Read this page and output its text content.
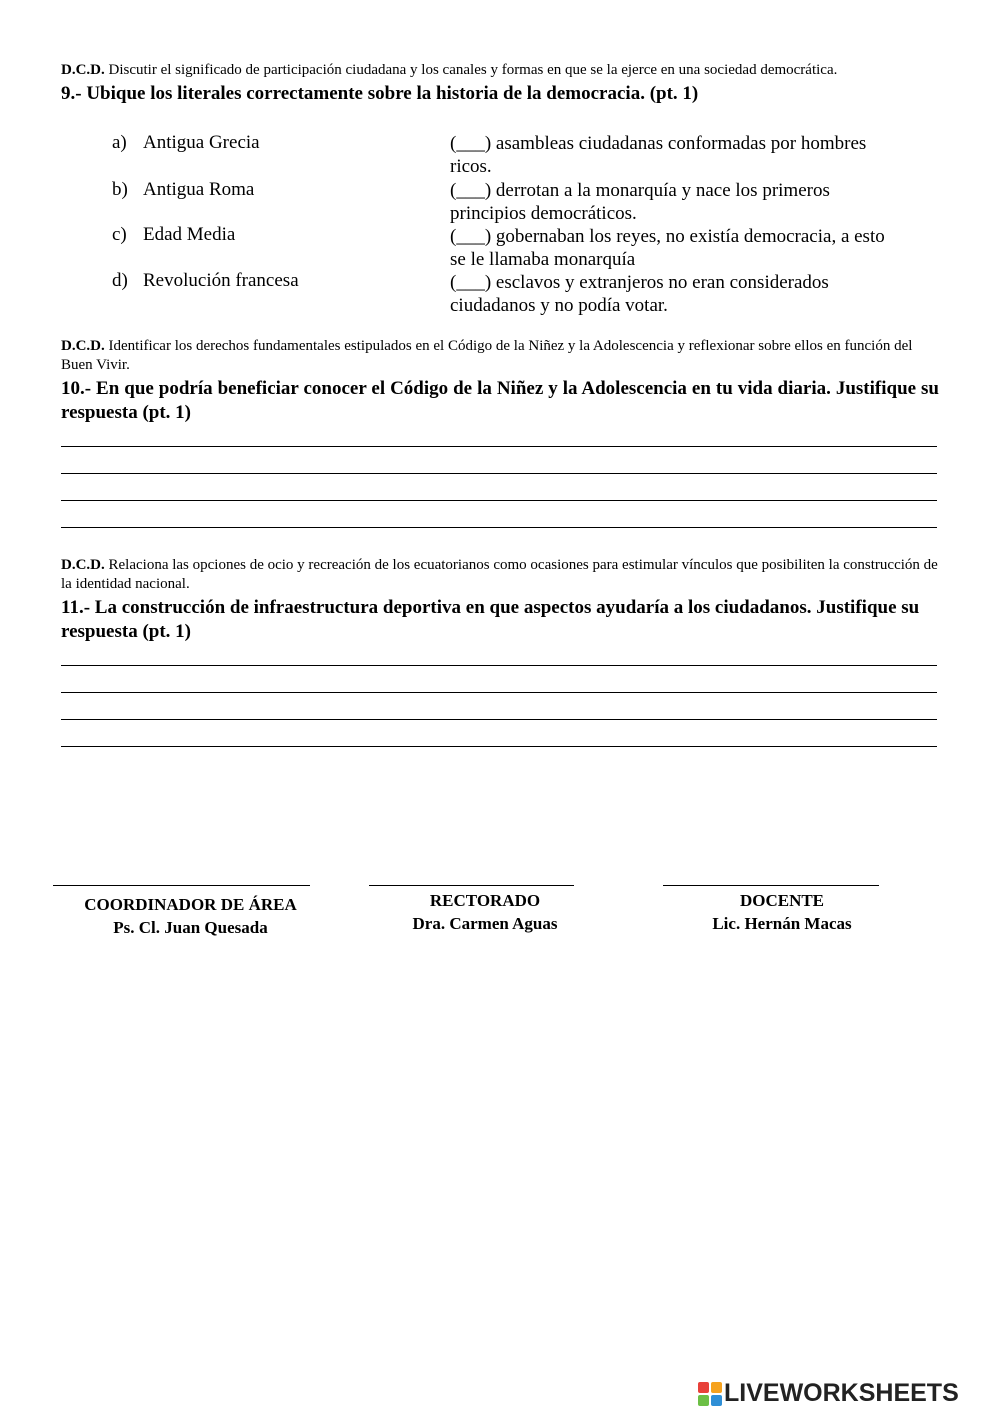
D.C.D. Discutir el significado de participación ciudadana y los canales y formas en que se la ejerce en una sociedad democrática.
9.- Ubique los literales correctamente sobre la historia de la democracia. (pt. 1)
a) Antigua Grecia
b) Antigua Roma
c) Edad Media
d) Revolución francesa
(___) asambleas ciudadanas conformadas por hombres
ricos.
(___) derrotan a la monarquía y nace los primeros
principios democráticos.
(___) gobernaban los reyes, no existía democracia, a esto
se le llamaba monarquía
(___) esclavos y extranjeros no eran considerados
ciudadanos y no podía votar.
D.C.D. Identificar los derechos fundamentales estipulados en el Código de la Niñez y la Adolescencia y reflexionar sobre ellos en función del Buen Vivir.
10.- En que podría beneficiar conocer el Código de la Niñez y la Adolescencia en tu vida diaria. Justifique su respuesta (pt. 1)
D.C.D. Relaciona las opciones de ocio y recreación de los ecuatorianos como ocasiones para estimular vínculos que posibiliten la construcción de la identidad nacional.
11.- La construcción de infraestructura deportiva en que aspectos ayudaría a los ciudadanos. Justifique su respuesta (pt. 1)
COORDINADOR DE ÁREA
Ps. Cl. Juan Quesada
RECTORADO
Dra. Carmen Aguas
DOCENTE
Lic. Hernán Macas
LIVEWORKSHEETS
